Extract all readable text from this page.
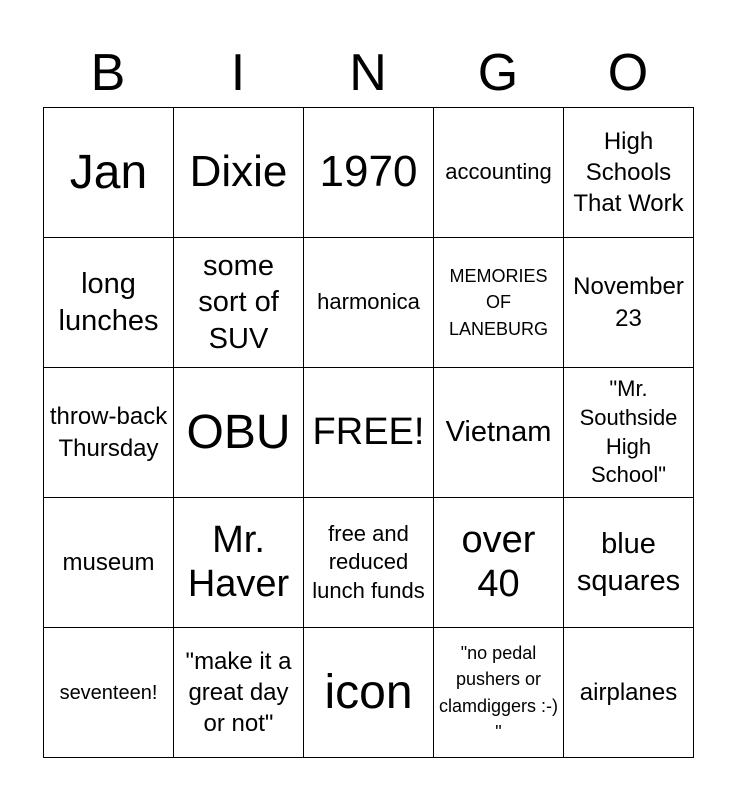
B	I	N	G	O
Jan	Dixie	1970	accounting	High Schools That Work

long lunches	some sort of SUV	harmonica	MEMORIES OF LANEBURG	November 23

throw-back Thursday	OBU	FREE!	Vietnam	"Mr. Southside High School"

museum	Mr. Haver	free and reduced lunch funds	over 40	blue squares

seventeen!	"make it a great day or not"	icon	"no pedal pushers or clamdiggers :-) "	airplanes
